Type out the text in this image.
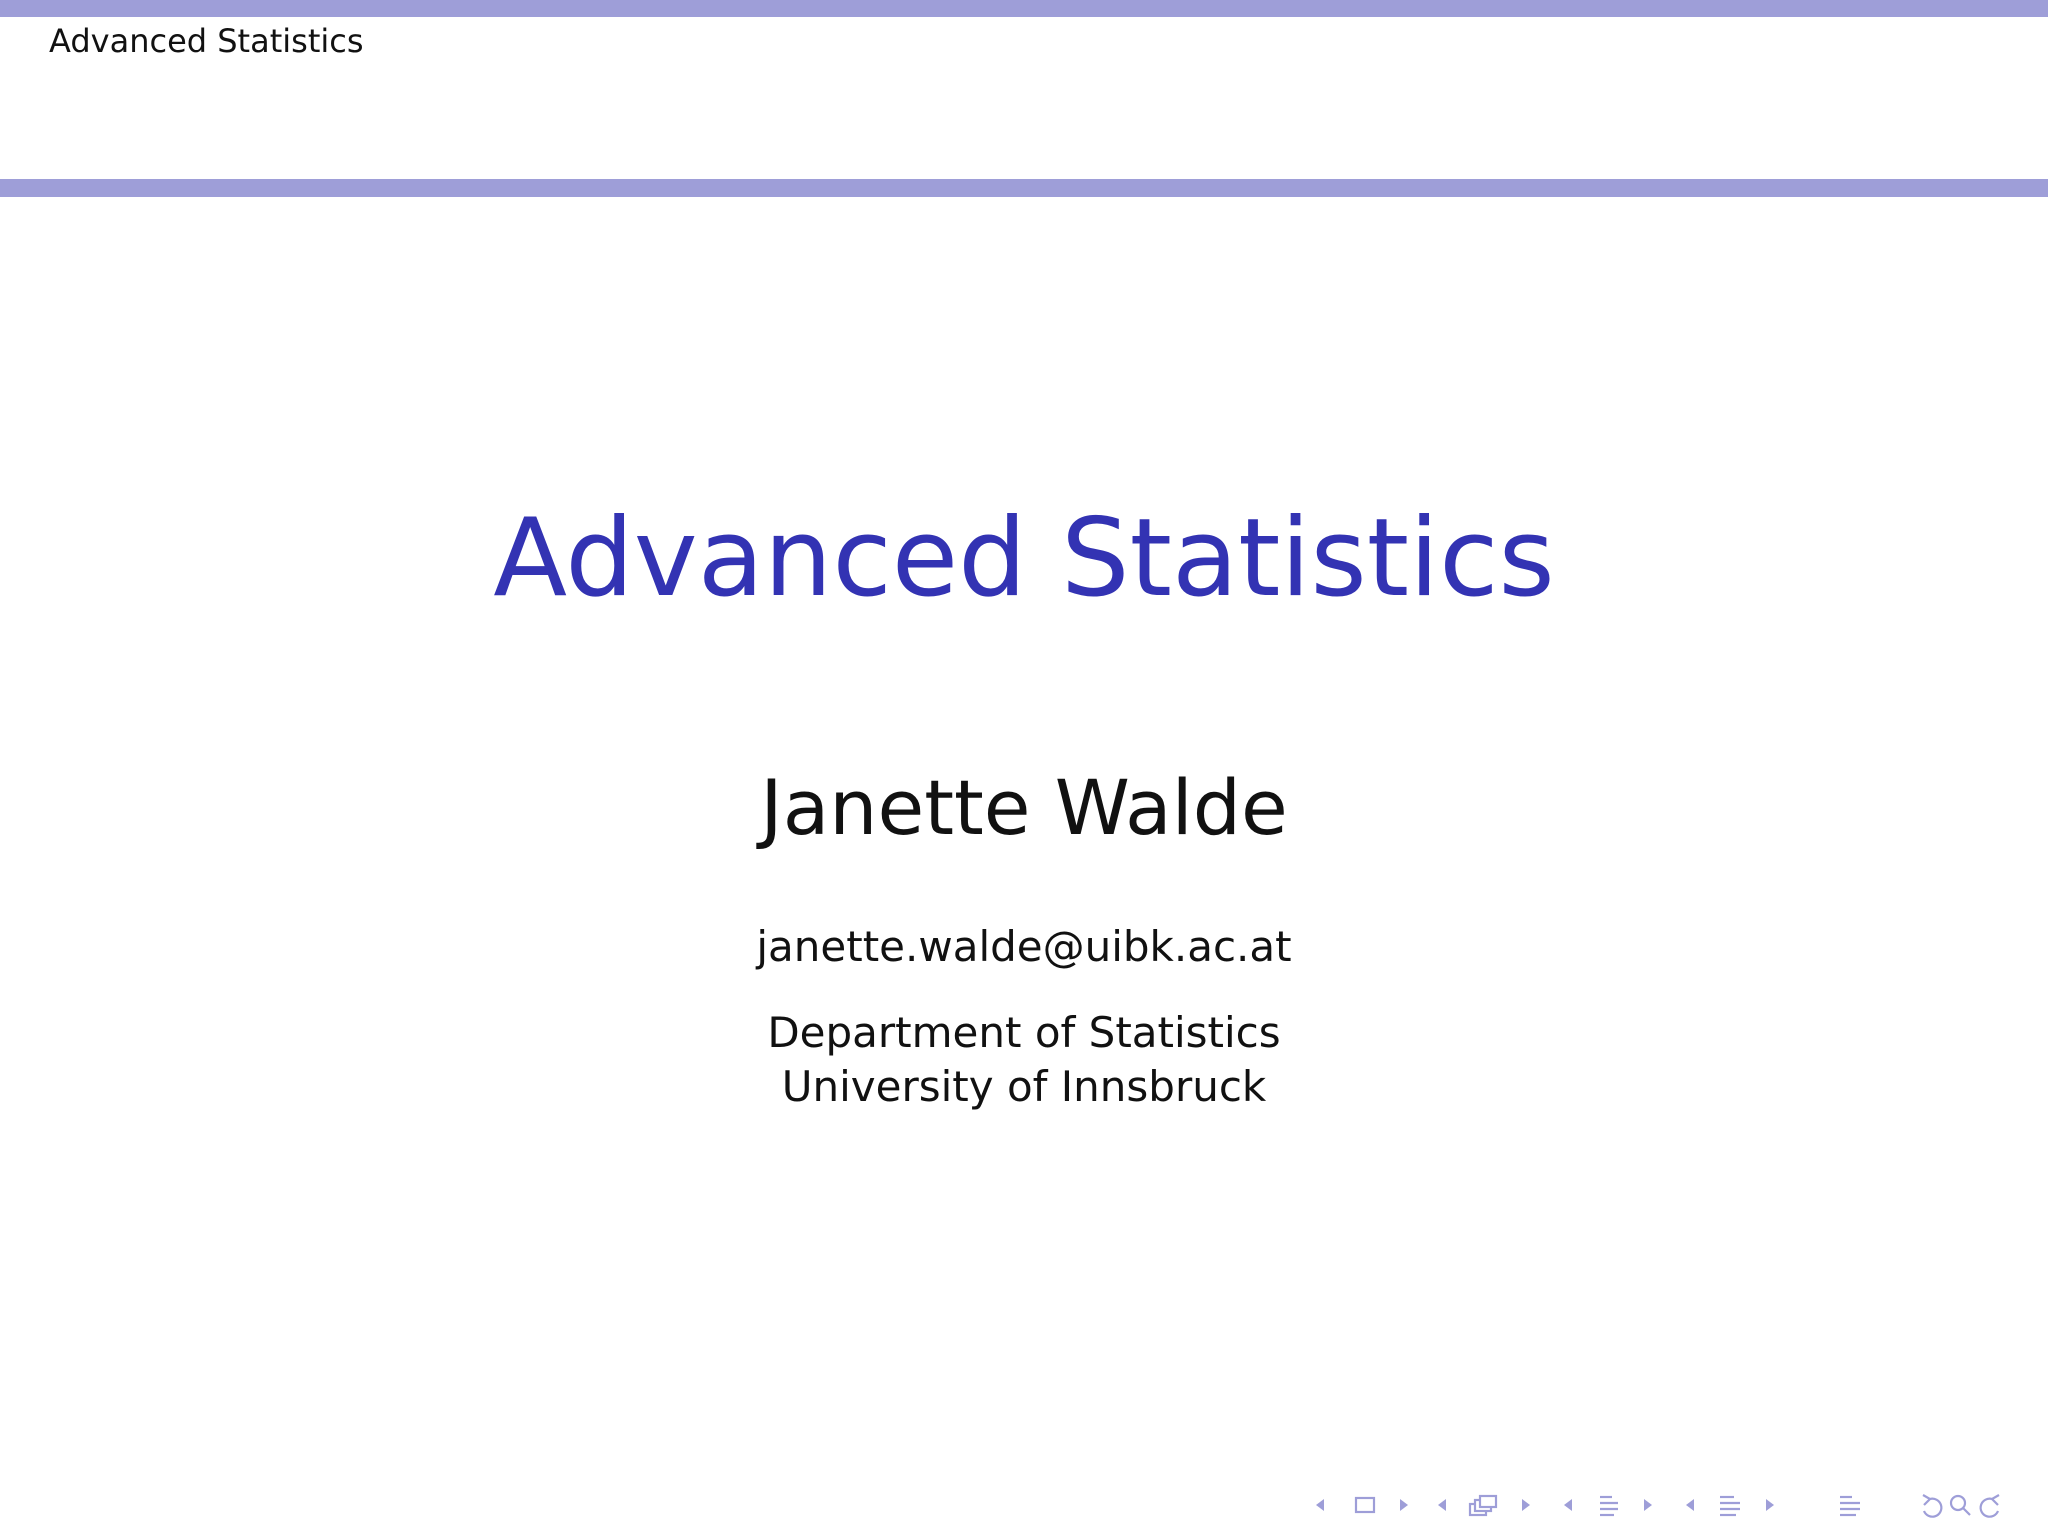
Advanced Statistics
Advanced Statistics
Janette Walde
janette.walde@uibk.ac.at
Department of Statistics
University of Innsbruck
